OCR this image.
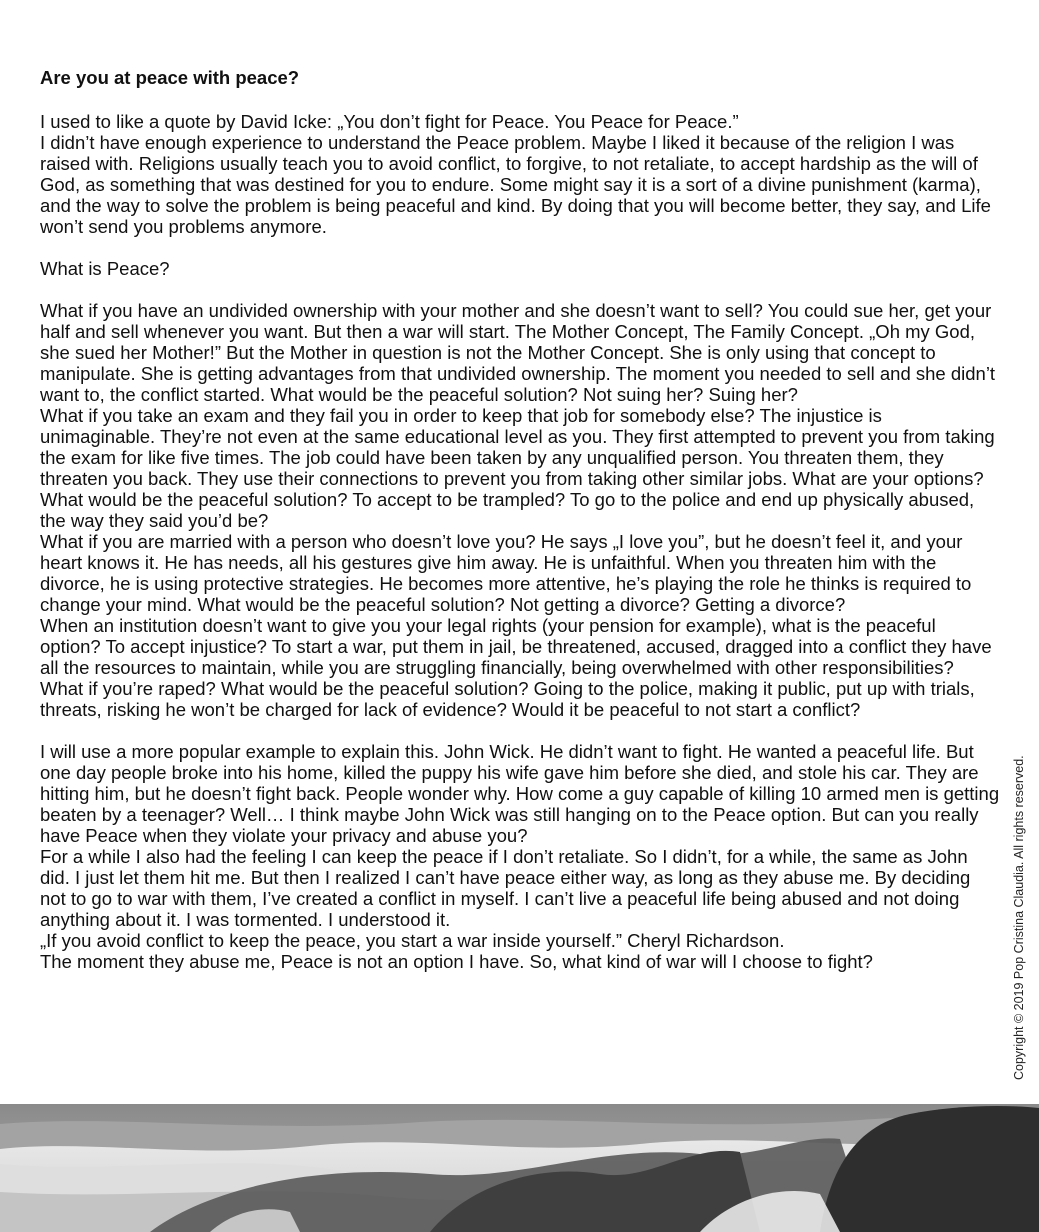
Are you at peace with peace?

I used to like a quote by David Icke: „You don’t fight for Peace. You Peace for Peace.”

I didn’t have enough experience to understand the Peace problem. Maybe I liked it because of the religion I was raised with. Religions usually teach you to avoid conflict, to forgive, to not retaliate, to accept hardship as the will of God, as something that was destined for you to endure. Some might say it is a sort of a divine punishment (karma), and the way to solve the problem is being peaceful and kind. By doing that you will become better, they say, and Life won’t send you problems anymore.

What is Peace?

What if you have an undivided ownership with your mother and she doesn’t want to sell? You could sue her, get your half and sell whenever you want. But then a war will start. The Mother Concept, The Family Concept. „Oh my God, she sued her Mother!” But the Mother in question is not the Mother Concept. She is only using that concept to manipulate. She is getting advantages from that undivided ownership. The moment you needed to sell and she didn’t want to, the conflict started. What would be the peaceful solution? Not suing her? Suing her?

What if you take an exam and they fail you in order to keep that job for somebody else? The injustice is unimaginable. They’re not even at the same educational level as you. They first attempted to prevent you from taking the exam for like five times. The job could have been taken by any unqualified person. You threaten them, they threaten you back. They use their connections to prevent you from taking other similar jobs. What are your options? What would be the peaceful solution? To accept to be trampled? To go to the police and end up physically abused, the way they said you’d be?

What if you are married with a person who doesn’t love you? He says „I love you”, but he doesn’t feel it, and your heart knows it. He has needs, all his gestures give him away. He is unfaithful. When you threaten him with the divorce, he is using protective strategies. He becomes more attentive, he’s playing the role he thinks is required to change your mind. What would be the peaceful solution? Not getting a divorce? Getting a divorce?

When an institution doesn’t want to give you your legal rights (your pension for example), what is the peaceful option? To accept injustice? To start a war, put them in jail, be threatened, accused, dragged into a conflict they have all the resources to maintain, while you are struggling financially, being overwhelmed with other responsibilities?

What if you’re raped? What would be the peaceful solution? Going to the police, making it public, put up with trials, threats, risking he won’t be charged for lack of evidence? Would it be peaceful to not start a conflict?

I will use a more popular example to explain this. John Wick. He didn’t want to fight. He wanted a peaceful life. But one day people broke into his home, killed the puppy his wife gave him before she died, and stole his car. They are hitting him, but he doesn’t fight back. People wonder why. How come a guy capable of killing 10 armed men is getting beaten by a teenager? Well… I think maybe John Wick was still hanging on to the Peace option. But can you really have Peace when they violate your privacy and abuse you?

For a while I also had the feeling I can keep the peace if I don’t retaliate. So I didn’t, for a while, the same as John did. I just let them hit me. But then I realized I can’t have peace either way, as long as they abuse me. By deciding not to go to war with them, I’ve created a conflict in myself. I can’t live a peaceful life being abused and not doing anything about it. I was tormented. I understood it.

„If you avoid conflict to keep the peace, you start a war inside yourself.” Cheryl Richardson.

The moment they abuse me, Peace is not an option I have. So, what kind of war will I choose to fight?	Copyright © 2019 Pop Cristina Claudia. All rights reserved.
